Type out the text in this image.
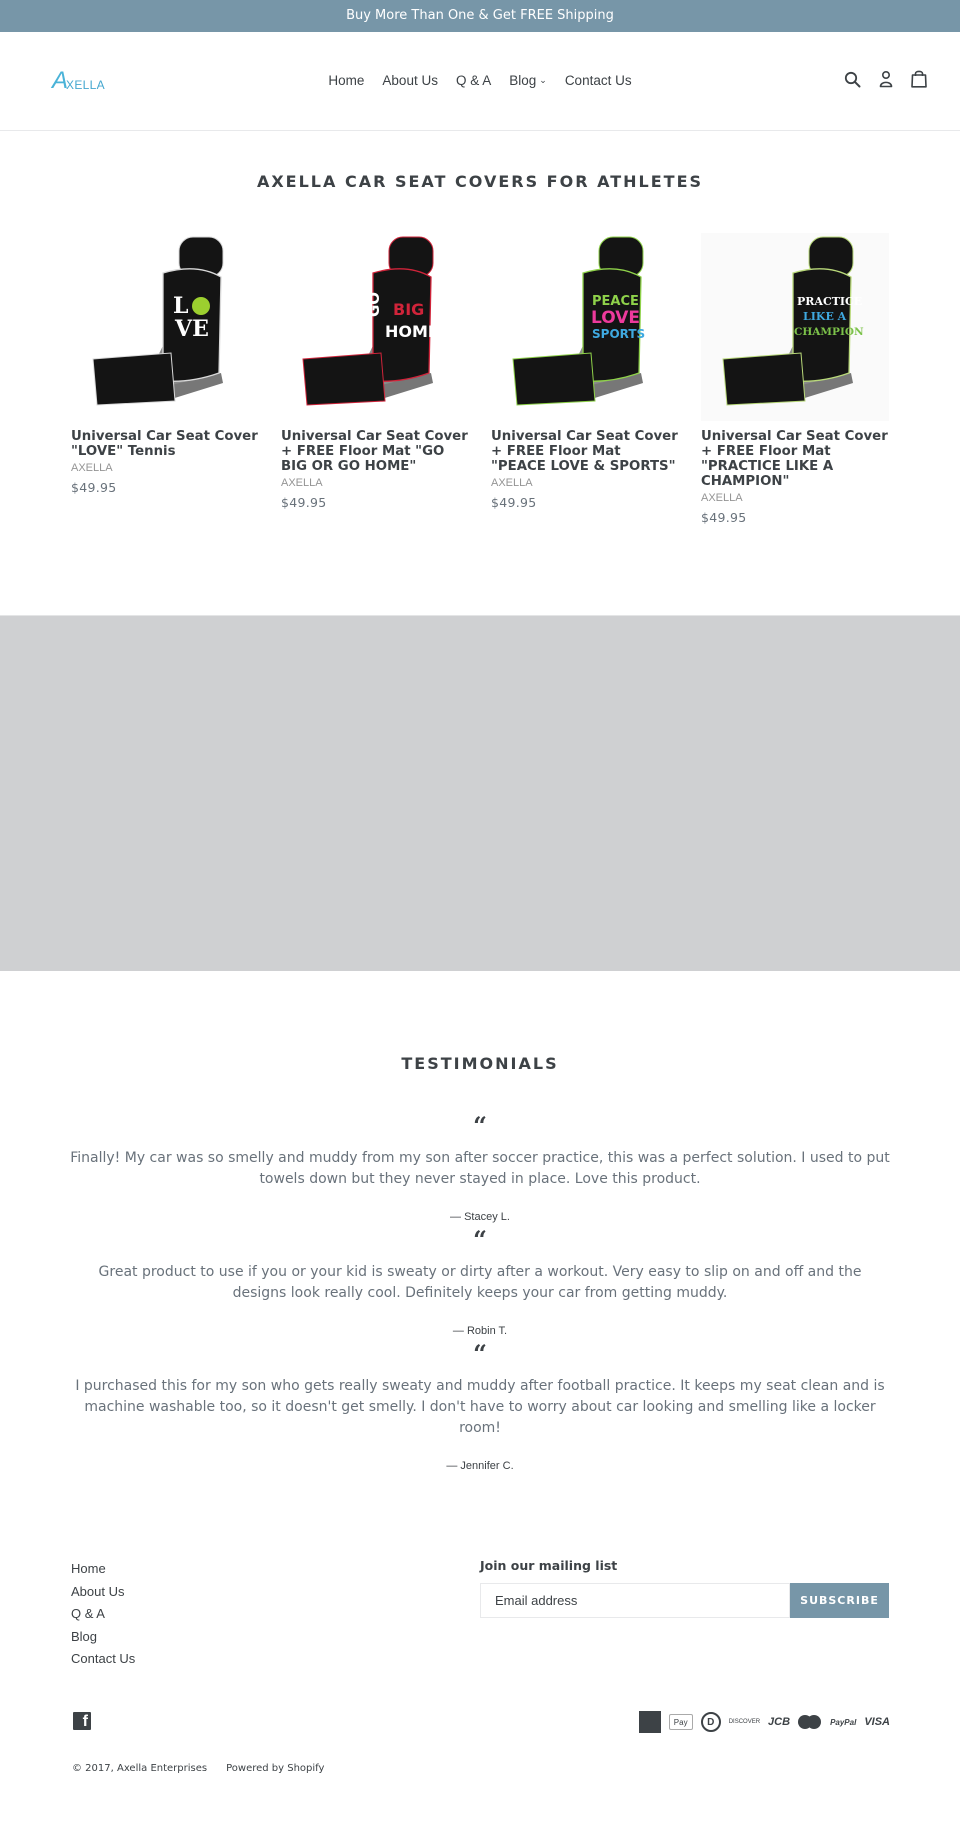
Buy More Than One & Get FREE Shipping
A
XELLA	Home About Us Q & A Blog ⌄ Contact Us
AXELLA CAR SEAT COVERS FOR ATHLETES
L
VE
Universal Car Seat Cover "LOVE" Tennis
AXELLA
$49.95
GO BIG
HOME!
Universal Car Seat Cover + FREE Floor Mat "GO BIG OR GO HOME"
AXELLA
$49.95
PEACE
LOVE
SPORTS
Universal Car Seat Cover + FREE Floor Mat "PEACE LOVE & SPORTS"
AXELLA
$49.95
PRACTICE
LIKE A
CHAMPION
Universal Car Seat Cover + FREE Floor Mat "PRACTICE LIKE A CHAMPION"
AXELLA
$49.95
TESTIMONIALS
“
Finally! My car was so smelly and muddy from my son after soccer practice, this was a perfect solution. I used to put towels down but they never stayed in place. Love this product.
— Stacey L.
“
Great product to use if you or your kid is sweaty or dirty after a workout. Very easy to slip on and off and the designs look really cool. Definitely keeps your car from getting muddy.
— Robin T.
“
I purchased this for my son who gets really sweaty and muddy after football practice. It keeps my seat clean and is machine washable too, so it doesn't get smelly. I don't have to worry about car looking and smelling like a locker room!
— Jennifer C.
Home
About Us
Q & A
Blog
Contact Us
Join our mailing list
Email address
SUBSCRIBE
f	Pay D DISCOVER JCB	PayPal VISA
© 2017, Axella Enterprises Powered by Shopify
